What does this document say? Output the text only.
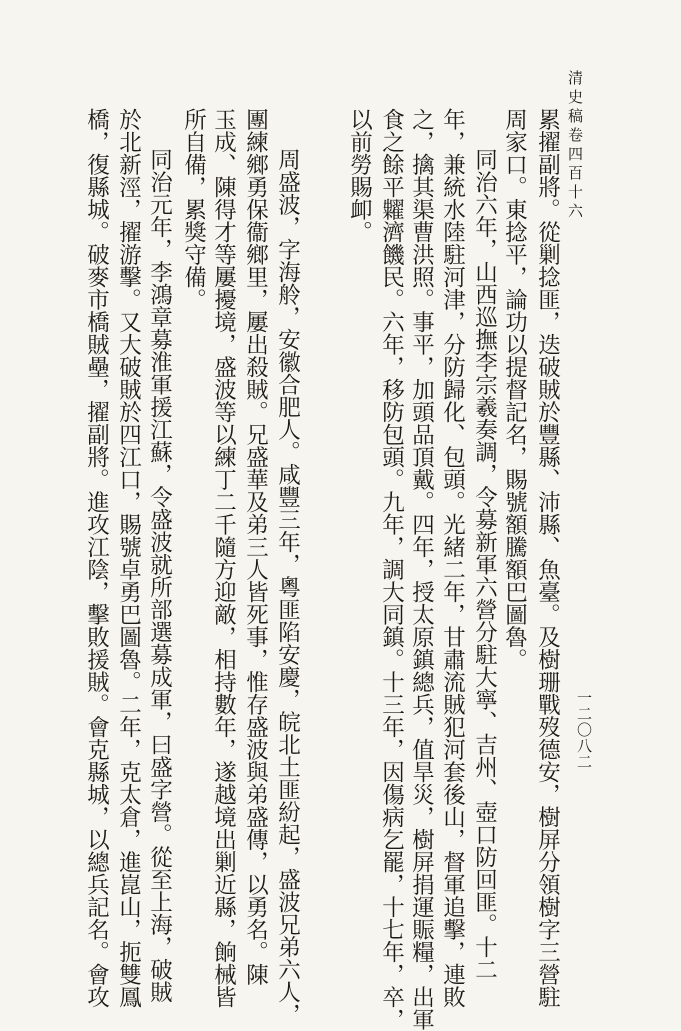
清史稿卷四百十六
一二〇八二
累擢副將。從剿捻匪，迭破賊於豐縣、沛縣、魚臺。及樹珊戰歿德安，樹屏分領樹字三營駐
周家口。東捻平，論功以提督記名，賜號額騰額巴圖魯。
同治六年，山西巡撫李宗羲奏調，令募新軍六營分駐大寧、吉州、壺口防回匪。十二
年，兼統水陸駐河津，分防歸化、包頭。光緒二年，甘肅流賊犯河套後山，督軍追擊，連敗
之，擒其渠曹洪照。事平，加頭品頂戴。四年，授太原鎮總兵，值旱災，樹屏捐運賑糧，出軍
食之餘平糶濟饑民。六年，移防包頭。九年，調大同鎮。十三年，因傷病乞罷，十七年，卒，
以前勞賜卹。
周盛波，字海舲，安徽合肥人。咸豐三年，粵匪陷安慶，皖北土匪紛起，盛波兄弟六人，
團練鄉勇保衞鄉里，屢出殺賊。兄盛華及弟三人皆死事，惟存盛波與弟盛傳，以勇名。陳
玉成、陳得才等屢擾境，盛波等以練丁二千隨方迎敵，相持數年，遂越境出剿近縣，餉械皆
所自備，累獎守備。
同治元年，李鴻章募淮軍援江蘇，令盛波就所部選募成軍，曰盛字營。從至上海，破賊
於北新涇，擢游擊。又大破賊於四江口，賜號卓勇巴圖魯。二年，克太倉，進崑山，扼雙鳳
橋，復縣城。破麥市橋賊壘，擢副將。進攻江陰，擊敗援賊。會克縣城，以總兵記名。會攻
